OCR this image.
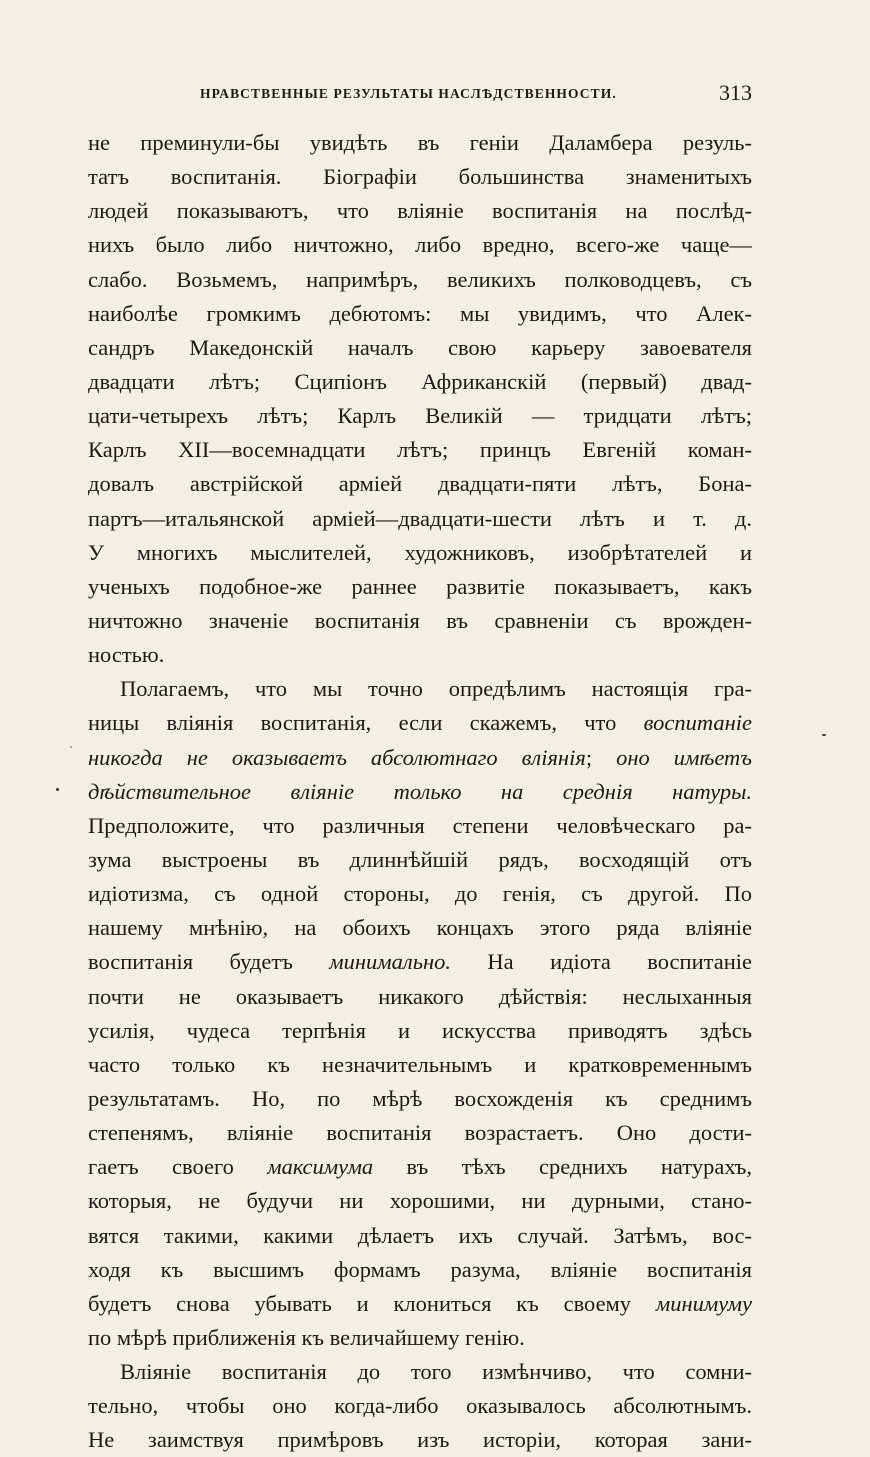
НРАВСТВЕННЫЕ РЕЗУЛЬТАТЫ НАСЛѢДСТВЕННОСТИ.	313
не преминули-бы увидѣть въ геніи Даламбера резуль-
татъ воспитанія. Біографіи большинства знаменитыхъ
людей показываютъ, что вліяніе воспитанія на послѣд-
нихъ было либо ничтожно, либо вредно, всего-же чаще—
слабо. Возьмемъ, напримѣръ, великихъ полководцевъ, съ
наиболѣе громкимъ дебютомъ: мы увидимъ, что Алек-
сандръ Македонскій началъ свою карьеру завоевателя
двадцати лѣтъ; Сципіонъ Африканскій (первый) двад-
цати-четырехъ лѣтъ; Карлъ Великій — тридцати лѣтъ;
Карлъ XII—восемнадцати лѣтъ; принцъ Евгеній коман-
довалъ австрійской арміей двадцати-пяти лѣтъ, Бона-
партъ—итальянской арміей—двадцати-шести лѣтъ и т. д.
У многихъ мыслителей, художниковъ, изобрѣтателей и
ученыхъ подобное-же раннее развитіе показываетъ, какъ
ничтожно значеніе воспитанія въ сравненіи съ врожден-
ностью.
Полагаемъ, что мы точно опредѣлимъ настоящія гра-
ницы вліянія воспитанія, если скажемъ, что воспитаніе
никогда не оказываетъ абсолютнаго вліянія; оно имѣетъ
дѣйствительное вліяніе только на среднія натуры.
Предположите, что различныя степени человѣческаго ра-
зума выстроены въ длиннѣйшій рядъ, восходящій отъ
идіотизма, съ одной стороны, до генія, съ другой. По
нашему мнѣнію, на обоихъ концахъ этого ряда вліяніе
воспитанія будетъ минимально. На идіота воспитаніе
почти не оказываетъ никакого дѣйствія: неслыханныя
усилія, чудеса терпѣнія и искусства приводятъ здѣсь
часто только къ незначительнымъ и кратковременнымъ
результатамъ. Но, по мѣрѣ восхожденія къ среднимъ
степенямъ, вліяніе воспитанія возрастаетъ. Оно дости-
гаетъ своего максимума въ тѣхъ среднихъ натурахъ,
которыя, не будучи ни хорошими, ни дурными, стано-
вятся такими, какими дѣлаетъ ихъ случай. Затѣмъ, вос-
ходя къ высшимъ формамъ разума, вліяніе воспитанія
будетъ снова убывать и клониться къ своему минимуму
по мѣрѣ приближенія къ величайшему генію.
Вліяніе воспитанія до того измѣнчиво, что сомни-
тельно, чтобы оно когда-либо оказывалось абсолютнымъ.
Не заимствуя примѣровъ изъ исторіи, которая зани-
